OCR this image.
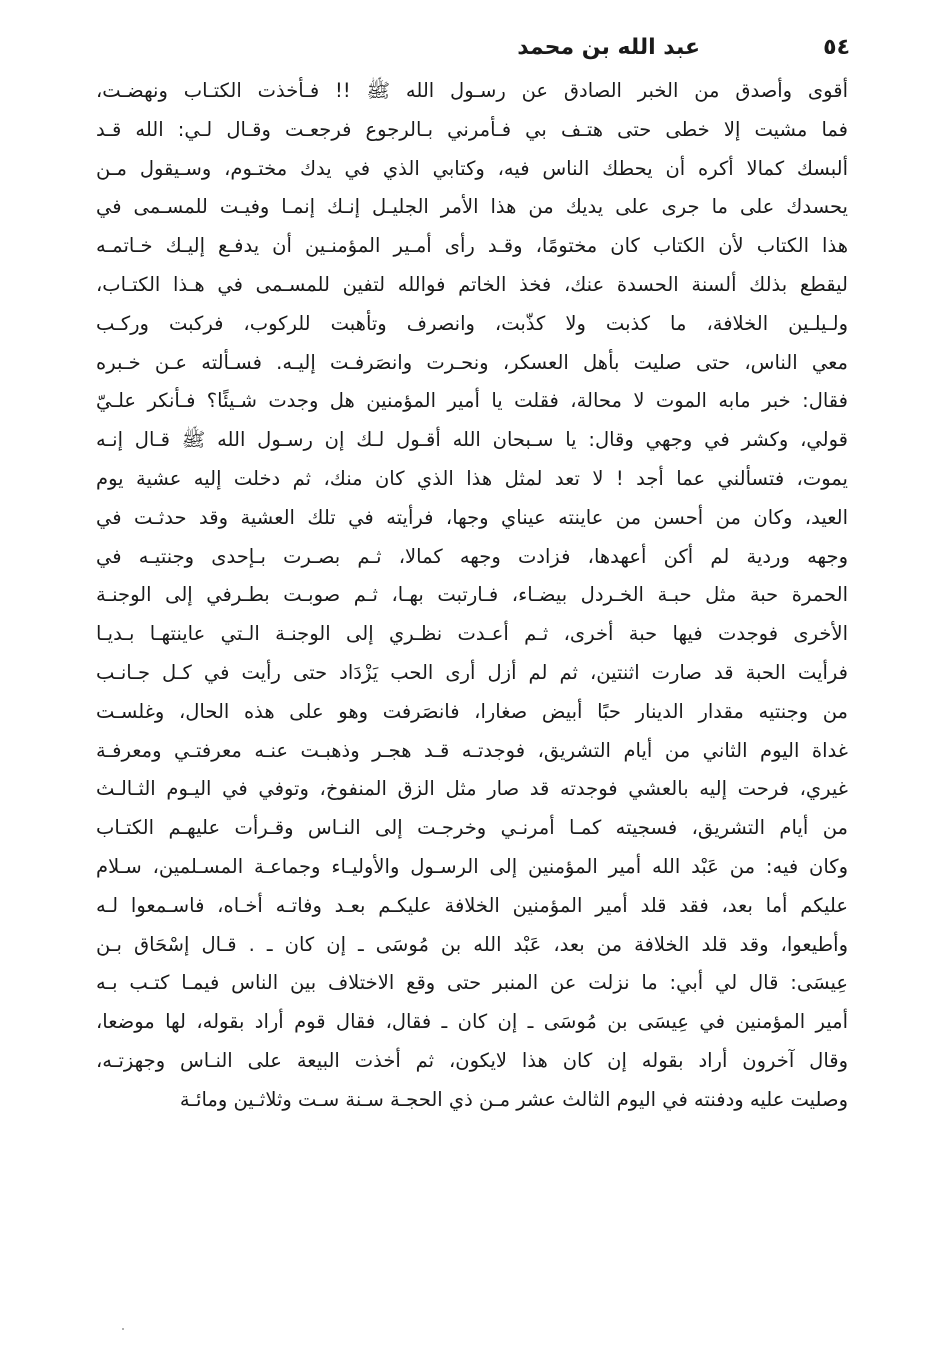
٥٤
عبد الله بن محمد
أقوى وأصدق من الخبر الصادق عن رسـول الله ﷺ !! فـأخذت الكتـاب ونهضـت،
فما مشيت إلا خطى حتى هتـف بي فـأمرني بـالرجوع فرجعـت وقـال لـي: الله قـد
ألبسك كمالا أكره أن يحطك الناس فيه، وكتابي الذي في يدك مختـوم، وسـيقول مـن
يحسدك على ما جرى على يديك من هذا الأمر الجليـل إنـك إنمـا وفيـت للمسـمى في
هذا الكتاب لأن الكتاب كان مختومًا، وقـد رأى أمـير المؤمنـين أن يدفـع إليـك خـاتمـه
ليقطع بذلك ألسنة الحسدة عنك، فخذ الخاتم فوالله لتفين للمسـمى في هـذا الكتـاب،
ولـيلـين الخلافة، ما كذبت ولا كذّبت، وانصرف وتأهبت للركوب، فركبت وركـب
معي الناس، حتى صليت بأهل العسكر، ونحـرت وانصَرفـت إليـه. فسـألته عـن خـبره
فقال: خبر مابه الموت لا محالة، فقلت يا أمير المؤمنين هل وجدت شـيئًا؟ فـأنكر علـيّ
قولي، وكشر في وجهي وقال: يا سـبحان الله أقـول لـك إن رسـول الله ﷺ قـال إنـه
يموت، فتسألني عما أجد ! لا تعد لمثل هذا الذي كان منك، ثم دخلت إليه عشية يوم
العيد، وكان من أحسن من عاينته عيناي وجها، فرأيته في تلك العشية وقد حدثـت في
وجهه وردية لم أكن أعهدها، فزادت وجهه كمالا، ثـم بصـرت بـإحدى وجنتيـه في
الحمرة حبة مثل حبـة الخـردل بيضـاء، فـارتبت بهـا، ثـم صوبـت بطـرفي إلى الوجنـة
الأخرى فوجدت فيها حبة أخرى، ثـم أعـدت نظـري إلى الوجنـة الـتي عاينتهـا بـديـا
فرأيت الحبة قد صارت اثنتين، ثم لم أزل أرى الحب يَزْدَاد حتى رأيت في كـل جـانـب
من وجنتيه مقدار الدينار حبًا أبيض صغارا، فانصَرفت وهو على هذه الحال، وغلسـت
غداة اليوم الثاني من أيام التشريق، فوجدتـه قـد هجـر وذهبـت عنـه معرفتـي ومعرفـة
غيري، فرحت إليه بالعشي فوجدته قد صار مثل الزق المنفوخ، وتوفي في اليـوم الثـالـث
من أيام التشريق، فسجيته كمـا أمرنـي وخرجـت إلى النـاس وقـرأت عليهـم الكتـاب
وكان فيه: من عَبْد الله أمير المؤمنين إلى الرسـول والأوليـاء وجماعـة المسـلمين، سـلام
عليكم أما بعد، فقد قلد أمير المؤمنين الخلافة عليكـم بعـد وفاتـه أخـاه، فاسـمعوا لـه
وأطيعوا، وقد قلد الخلافة من بعد، عَبْد الله بن مُوسَى ـ إن كان ـ . قـال إسْحَاق بـن
عِيسَى: قال لي أبي: ما نزلت عن المنبر حتى وقع الاختلاف بين الناس فيمـا كتـب بـه
أمير المؤمنين في عِيسَى بن مُوسَى ـ إن كان ـ فقال، فقال قوم أراد بقوله، لها موضعا،
وقال آخرون أراد بقوله إن كان هذا لايكون، ثم أخذت البيعة على النـاس وجهزتـه،
وصليت عليه ودفنته في اليوم الثالث عشر مـن ذي الحجـة سـنة سـت وثلاثـين ومائـة
